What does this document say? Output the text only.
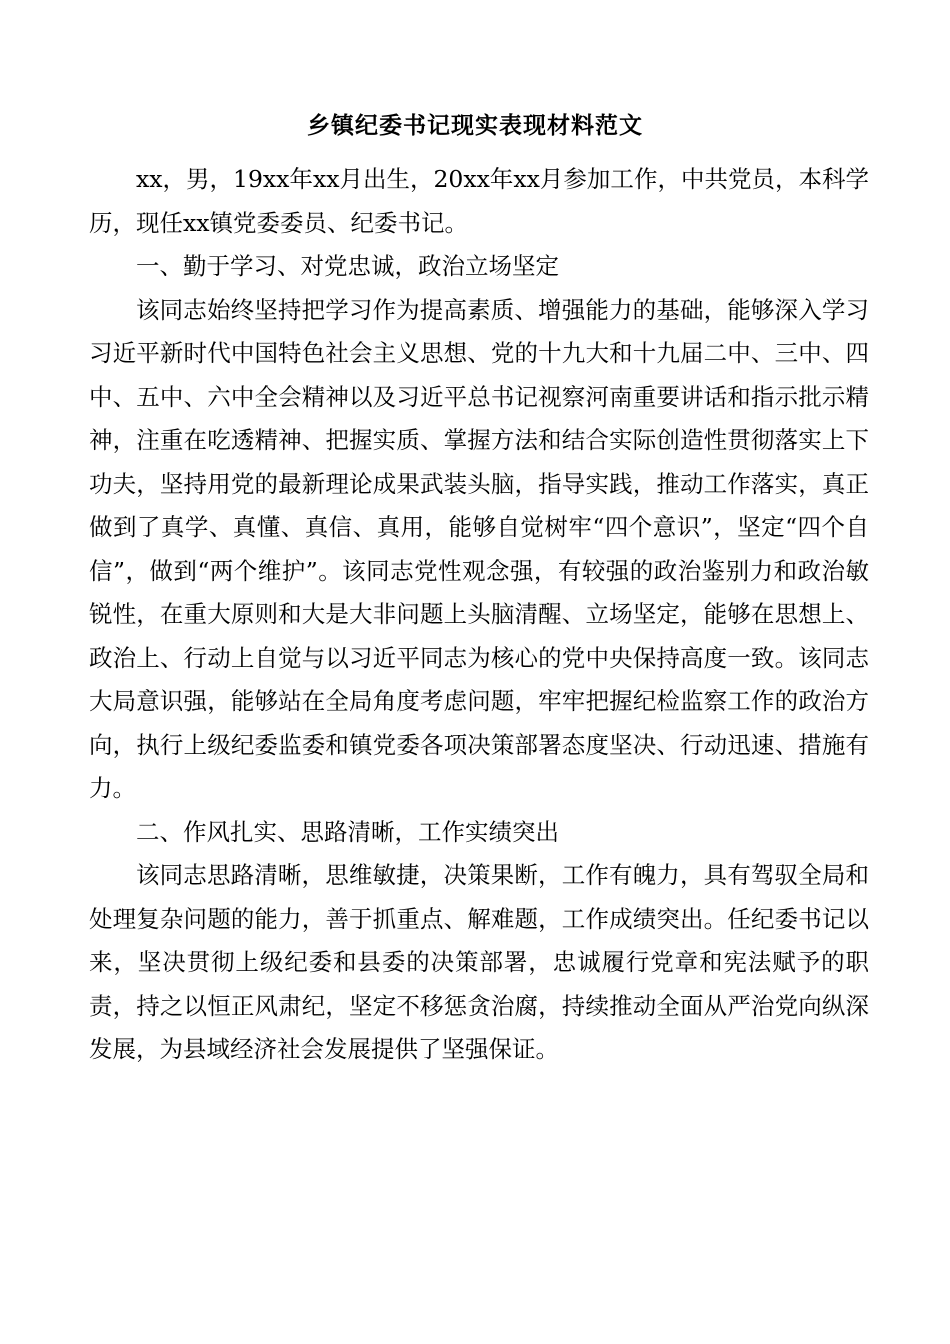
乡镇纪委书记现实表现材料范文

xx，男，19xx年xx月出生，20xx年xx月参加工作，中共党员，本科学历，现任xx镇党委委员、纪委书记。

一、勤于学习、对党忠诚，政治立场坚定

该同志始终坚持把学习作为提高素质、增强能力的基础，能够深入学习习近平新时代中国特色社会主义思想、党的十九大和十九届二中、三中、四中、五中、六中全会精神以及习近平总书记视察河南重要讲话和指示批示精神，注重在吃透精神、把握实质、掌握方法和结合实际创造性贯彻落实上下功夫，坚持用党的最新理论成果武装头脑，指导实践，推动工作落实，真正做到了真学、真懂、真信、真用，能够自觉树牢“四个意识”，坚定“四个自信”，做到“两个维护”。该同志党性观念强，有较强的政治鉴别力和政治敏锐性，在重大原则和大是大非问题上头脑清醒、立场坚定，能够在思想上、政治上、行动上自觉与以习近平同志为核心的党中央保持高度一致。该同志大局意识强，能够站在全局角度考虑问题，牢牢把握纪检监察工作的政治方向，执行上级纪委监委和镇党委各项决策部署态度坚决、行动迅速、措施有力。

二、作风扎实、思路清晰，工作实绩突出

该同志思路清晰，思维敏捷，决策果断，工作有魄力，具有驾驭全局和处理复杂问题的能力，善于抓重点、解难题，工作成绩突出。任纪委书记以来，坚决贯彻上级纪委和县委的决策部署，忠诚履行党章和宪法赋予的职责，持之以恒正风肃纪，坚定不移惩贪治腐，持续推动全面从严治党向纵深发展，为县域经济社会发展提供了坚强保证。
